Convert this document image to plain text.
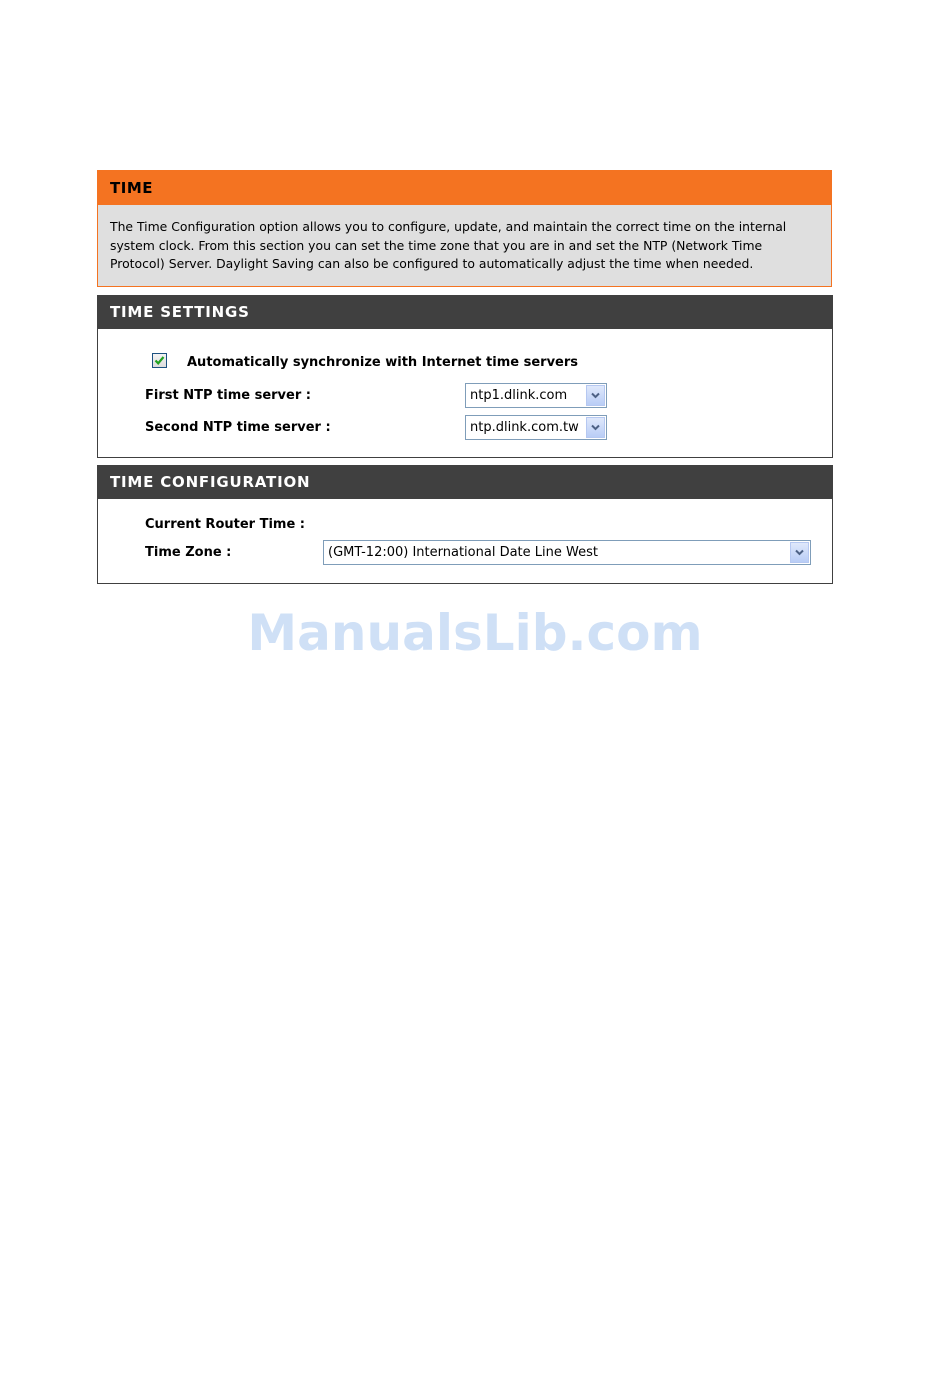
TIME
The Time Configuration option allows you to configure, update, and maintain the correct time on the internal
system clock. From this section you can set the time zone that you are in and set the NTP (Network Time
Protocol) Server. Daylight Saving can also be configured to automatically adjust the time when needed.
TIME SETTINGS
Automatically synchronize with Internet time servers
First NTP time server :	ntp1.dlink.com
Second NTP time server :	ntp.dlink.com.tw
TIME CONFIGURATION
Current Router Time :
Time Zone :	(GMT-12:00) International Date Line West
ManualsLib.com
